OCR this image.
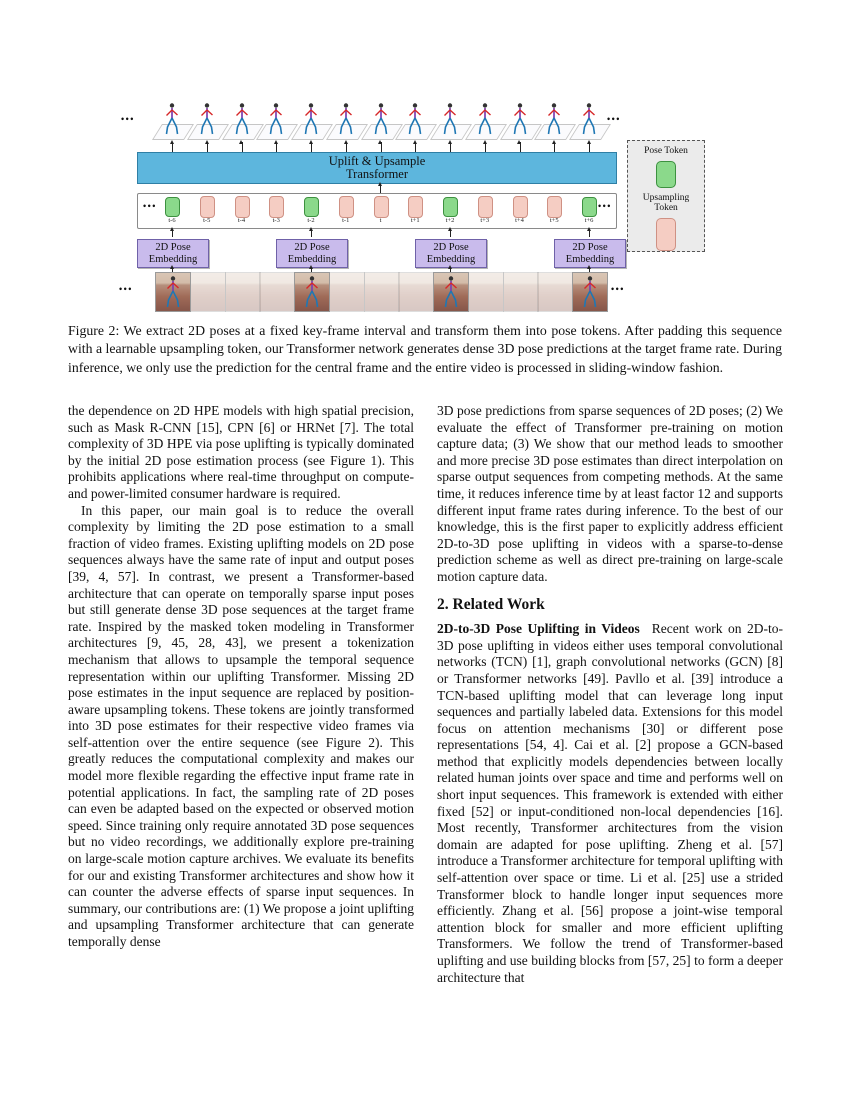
Uplift & Upsample
Transformer
2D Pose
Embedding
2D Pose
Embedding
2D Pose
Embedding
2D Pose
Embedding
Pose Token
Upsampling Token
•••	•••
•••	•••
•••	•••
t-6	t-5	t-4	t-3	t-2	t-1	t	t+1	t+2	t+3	t+4	t+5	t+6
Figure 2: We extract 2D poses at a fixed key-frame interval and transform them into pose tokens. After padding this sequence with a learnable upsampling token, our Transformer network generates dense 3D pose predictions at the target frame rate. During inference, we only use the prediction for the central frame and the entire video is processed in sliding-window fashion.

the dependence on 2D HPE models with high spatial precision, such as Mask R-CNN [15], CPN [6] or HRNet [7]. The total complexity of 3D HPE via pose uplifting is typically dominated by the initial 2D pose estimation process (see Figure 1). This prohibits applications where real-time throughput on compute- and power-limited consumer hardware is required.

In this paper, our main goal is to reduce the overall complexity by limiting the 2D pose estimation to a small fraction of video frames. Existing uplifting models on 2D pose sequences always have the same rate of input and output poses [39, 4, 57]. In contrast, we present a Transformer-based architecture that can operate on temporally sparse input poses but still generate dense 3D pose sequences at the target frame rate. Inspired by the masked token modeling in Transformer architectures [9, 45, 28, 43], we present a tokenization mechanism that allows to upsample the temporal sequence representation within our uplifting Transformer. Missing 2D pose estimates in the input sequence are replaced by position-aware upsampling tokens. These tokens are jointly transformed into 3D pose estimates for their respective video frames via self-attention over the entire sequence (see Figure 2). This greatly reduces the computational complexity and makes our model more flexible regarding the effective input frame rate in potential applications. In fact, the sampling rate of 2D poses can even be adapted based on the expected or observed motion speed. Since training only require annotated 3D pose sequences but no video recordings, we additionally explore pre-training on large-scale motion capture archives. We evaluate its benefits for our and existing Transformer architectures and show how it can counter the adverse effects of sparse input sequences. In summary, our contributions are: (1) We propose a joint uplifting and upsampling Transformer architecture that can generate temporally dense

3D pose predictions from sparse sequences of 2D poses; (2) We evaluate the effect of Transformer pre-training on motion capture data; (3) We show that our method leads to smoother and more precise 3D pose estimates than direct interpolation on sparse output sequences from competing methods. At the same time, it reduces inference time by at least factor 12 and supports different input frame rates during inference. To the best of our knowledge, this is the first paper to explicitly address efficient 2D-to-3D pose uplifting in videos with a sparse-to-dense prediction scheme as well as direct pre-training on large-scale motion capture data.

2. Related Work

2D-to-3D Pose Uplifting in Videos Recent work on 2D-to-3D pose uplifting in videos either uses temporal convolutional networks (TCN) [1], graph convolutional networks (GCN) [8] or Transformer networks [49]. Pavllo et al. [39] introduce a TCN-based uplifting model that can leverage long input sequences and partially labeled data. Extensions for this model focus on attention mechanisms [30] or different pose representations [54, 4]. Cai et al. [2] propose a GCN-based method that explicitly models dependencies between locally related human joints over space and time and performs well on short input sequences. This framework is extended with either fixed [52] or input-conditioned non-local dependencies [16]. Most recently, Transformer architectures from the vision domain are adapted for pose uplifting. Zheng et al. [57] introduce a Transformer architecture for temporal uplifting with self-attention over space or time. Li et al. [25] use a strided Transformer block to handle longer input sequences more efficiently. Zhang et al. [56] propose a joint-wise temporal attention block for smaller and more efficient uplifting Transformers. We follow the trend of Transformer-based uplifting and use building blocks from [57, 25] to form a deeper architecture that
